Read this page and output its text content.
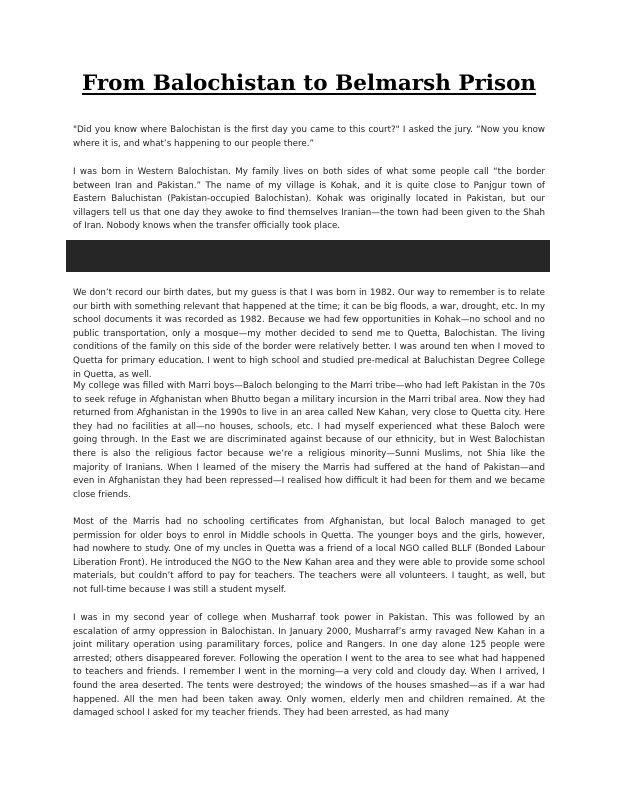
From Balochistan to Belmarsh Prison

"Did you know where Balochistan is the first day you came to this court?" I asked the jury. “Now you know where it is, and what’s happening to our people there.”

I was born in Western Balochistan. My family lives on both sides of what some people call “the border between Iran and Pakistan.” The name of my village is Kohak, and it is quite close to Panjgur town of Eastern Baluchistan (Pakistan-occupied Balochistan). Kohak was originally located in Pakistan, but our villagers tell us that one day they awoke to find themselves Iranian—the town had been given to the Shah of Iran. Nobody knows when the transfer officially took place.

We don’t record our birth dates, but my guess is that I was born in 1982. Our way to remember is to relate our birth with something relevant that happened at the time; it can be big floods, a war, drought, etc. In my school documents it was recorded as 1982. Because we had few opportunities in Kohak—no school and no public transportation, only a mosque—my mother decided to send me to Quetta, Balochistan. The living conditions of the family on this side of the border were relatively better. I was around ten when I moved to Quetta for primary education. I went to high school and studied pre-medical at Baluchistan Degree College in Quetta, as well.

My college was filled with Marri boys—Baloch belonging to the Marri tribe—who had left Pakistan in the 70s to seek refuge in Afghanistan when Bhutto began a military incursion in the Marri tribal area. Now they had returned from Afghanistan in the 1990s to live in an area called New Kahan, very close to Quetta city. Here they had no facilities at all—no houses, schools, etc. I had myself experienced what these Baloch were going through. In the East we are discriminated against because of our ethnicity, but in West Balochistan there is also the religious factor because we’re a religious minority—Sunni Muslims, not Shia like the majority of Iranians. When I learned of the misery the Marris had suffered at the hand of Pakistan—and even in Afghanistan they had been repressed—I realised how difficult it had been for them and we became close friends.

Most of the Marris had no schooling certificates from Afghanistan, but local Baloch managed to get permission for older boys to enrol in Middle schools in Quetta. The younger boys and the girls, however, had nowhere to study. One of my uncles in Quetta was a friend of a local NGO called BLLF (Bonded Labour Liberation Front). He introduced the NGO to the New Kahan area and they were able to provide some school materials, but couldn’t afford to pay for teachers. The teachers were all volunteers. I taught, as well, but not full-time because I was still a student myself.

I was in my second year of college when Musharraf took power in Pakistan. This was followed by an escalation of army oppression in Balochistan. In January 2000, Musharraf’s army ravaged New Kahan in a joint military operation using paramilitary forces, police and Rangers. In one day alone 125 people were arrested; others disappeared forever. Following the operation I went to the area to see what had happened to teachers and friends. I remember I went in the morning—a very cold and cloudy day. When I arrived, I found the area deserted. The tents were destroyed; the windows of the houses smashed—as if a war had happened. All the men had been taken away. Only women, elderly men and children remained. At the damaged school I asked for my teacher friends. They had been arrested, as had many
